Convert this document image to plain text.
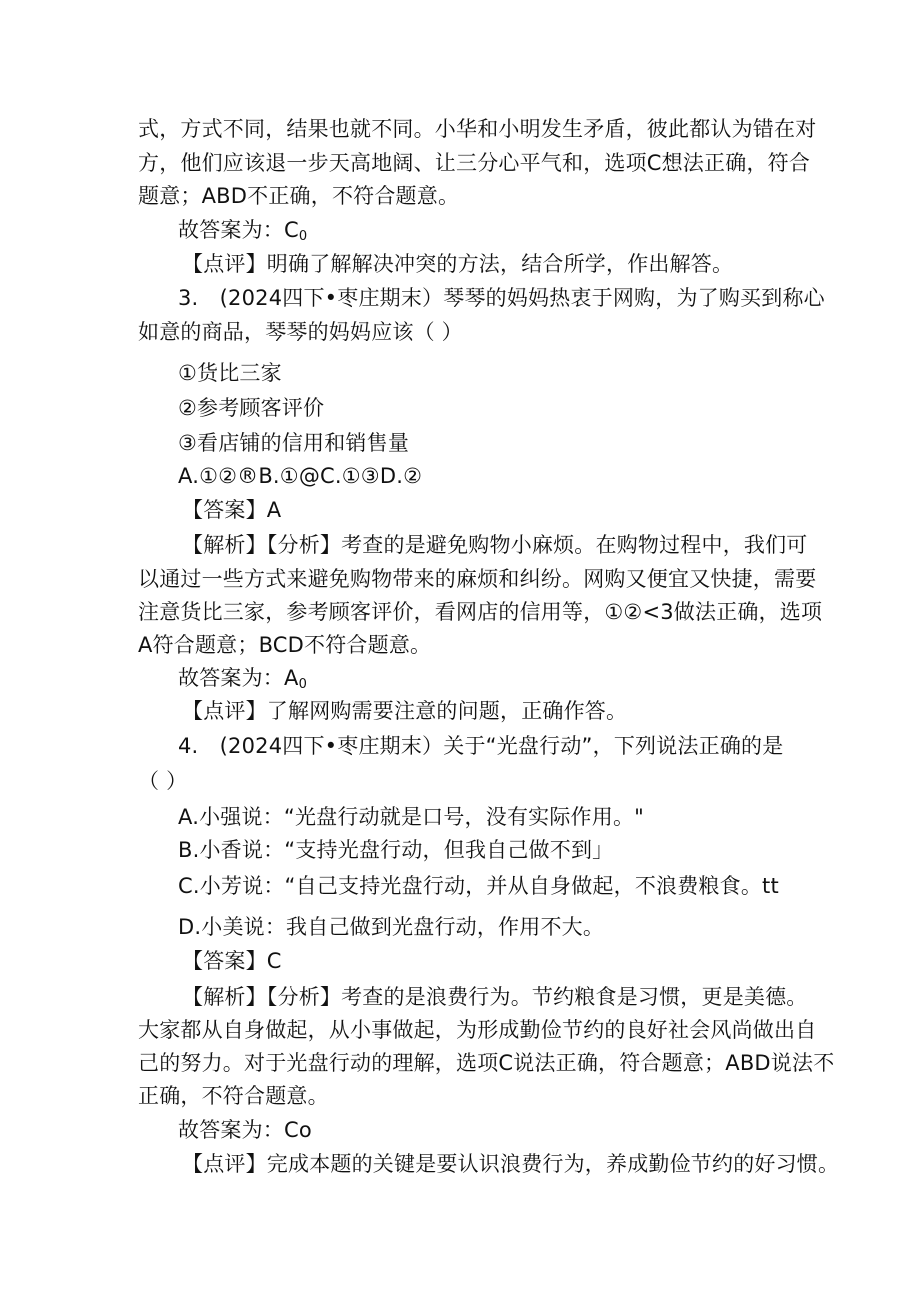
式，方式不同，结果也就不同。小华和小明发生矛盾，彼此都认为错在对

方，他们应该退一步天高地阔、让三分心平气和，选项C想法正确，符合

题意；ABD不正确，不符合题意。

故答案为：$C_0$

【点评】明确了解解决冲突的方法，结合所学，作出解答。

3.　(2024四下•枣庄期末）琴琴的妈妈热衷于网购，为了购买到称心

如意的商品，琴琴的妈妈应该（ ）

①货比三家

②参考顾客评价

③看店铺的信用和销售量

A.①②®B.①@C.①③D.②

【答案】A

【解析】【分析】考查的是避免购物小麻烦。在购物过程中，我们可

以通过一些方式来避免购物带来的麻烦和纠纷。网购又便宜又快捷，需要

注意货比三家，参考顾客评价，看网店的信用等，①②<3做法正确，选项

A符合题意；BCD不符合题意。

故答案为：$A_0$

【点评】了解网购需要注意的问题，正确作答。

4.　(2024四下•枣庄期末）关于“光盘行动”，下列说法正确的是

（ ）

A.小强说：“光盘行动就是口号，没有实际作用。"

B.小香说：“支持光盘行动，但我自己做不到」

C.小芳说：“自己支持光盘行动，并从自身做起，不浪费粮食。tt

D.小美说：我自己做到光盘行动，作用不大。

【答案】C

【解析】【分析】考查的是浪费行为。节约粮食是习惯，更是美德。

大家都从自身做起，从小事做起，为形成勤俭节约的良好社会风尚做出自

己的努力。对于光盘行动的理解，选项C说法正确，符合题意；ABD说法不

正确，不符合题意。

故答案为：Co

【点评】完成本题的关键是要认识浪费行为，养成勤俭节约的好习惯。
